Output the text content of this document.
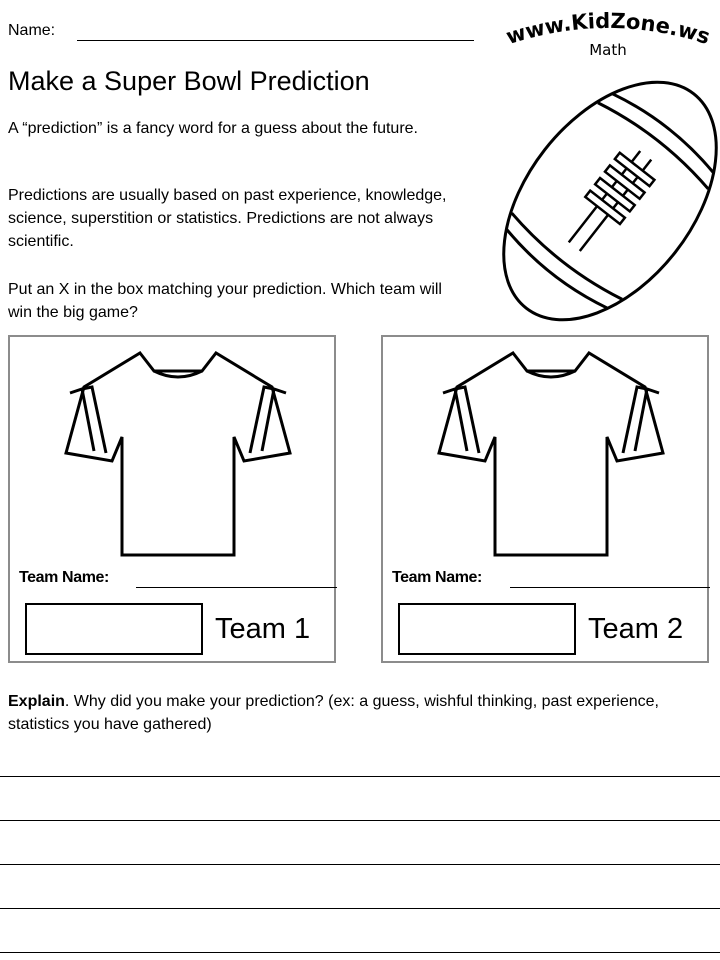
Name:	www.KidZone.ws
Math
Make a Super Bowl Prediction

A “prediction” is a fancy word for a guess about the future.

Predictions are usually based on past experience, knowledge, science, superstition or statistics. Predictions are not always scientific.

Put an X in the box matching your prediction. Which team will win the big game?

Team Name:
Team 1
Team Name:
Team 2
Explain. Why did you make your prediction? (ex: a guess, wishful thinking, past experience, statistics you have gathered)
